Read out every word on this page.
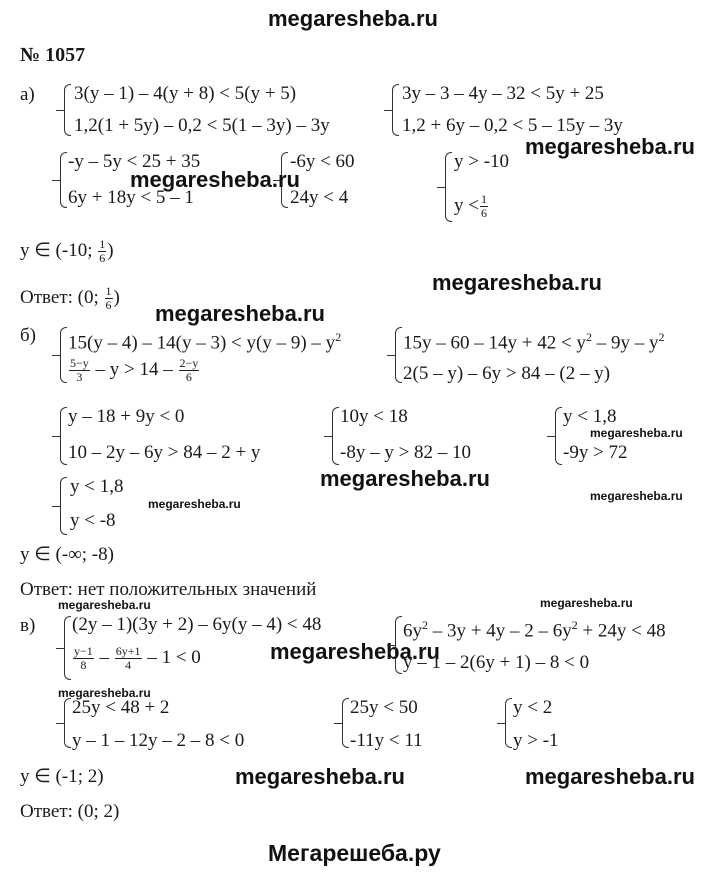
megaresheba.ru
№ 1057
а) 3(y – 1) – 4(y + 8) < 5(y + 5)
1,2(1 + 5y) – 0,2 < 5(1 – 3y) – 3y
3y – 3 – 4y – 32 < 5y + 25
1,2 + 6y – 0,2 < 5 – 15y – 3y
-y – 5y < 25 + 35
6y + 18y < 5 – 1
-6y < 60
24y < 4
y > -10
$y < \frac{1}{6}$
megaresheba.ru
megaresheba.ru
y ∈ (-10; $\frac{1}{6}$ )
megaresheba.ru
Ответ: (0; $\frac{1}{6}$ )
megaresheba.ru
б) $15(y - 4) - 14(y - 3) < y(y - 9) - y^2$
$\frac{5-y}{3} - y > 14 - \frac{2-y}{6}$
$15y - 60 - 14y + 42 < y^2 - 9y - y^2$
2(5 – y) – 6y > 84 – (2 – y)
y – 18 + 9y < 0
10 – 2y – 6y > 84 – 2 + y
10y < 18
-8y – y > 82 – 10
y < 1,8
-9y > 72
megaresheba.ru
megaresheba.ru
y < 1,8
y < -8
megaresheba.ru
megaresheba.ru
y ∈ (-∞; -8)
Ответ: нет положительных значений
megaresheba.ru	megaresheba.ru
в) (2y – 1)(3y + 2) – 6y(y – 4) < 48
$\frac{y-1}{8} - \frac{6y+1}{4} - 1 < 0$	megaresheba.ru
$6y^2 - 3y + 4y - 2 - 6y^2 + 24y < 48$
y – 1 – 2(6y + 1) – 8 < 0
megaresheba.ru
25y < 48 + 2
y – 1 – 12y – 2 – 8 < 0
25y < 50
-11y < 11
y < 2
y > -1
y ∈ (-1; 2)	megaresheba.ru	megaresheba.ru
Ответ: (0; 2)
Мегарешеба.ру
